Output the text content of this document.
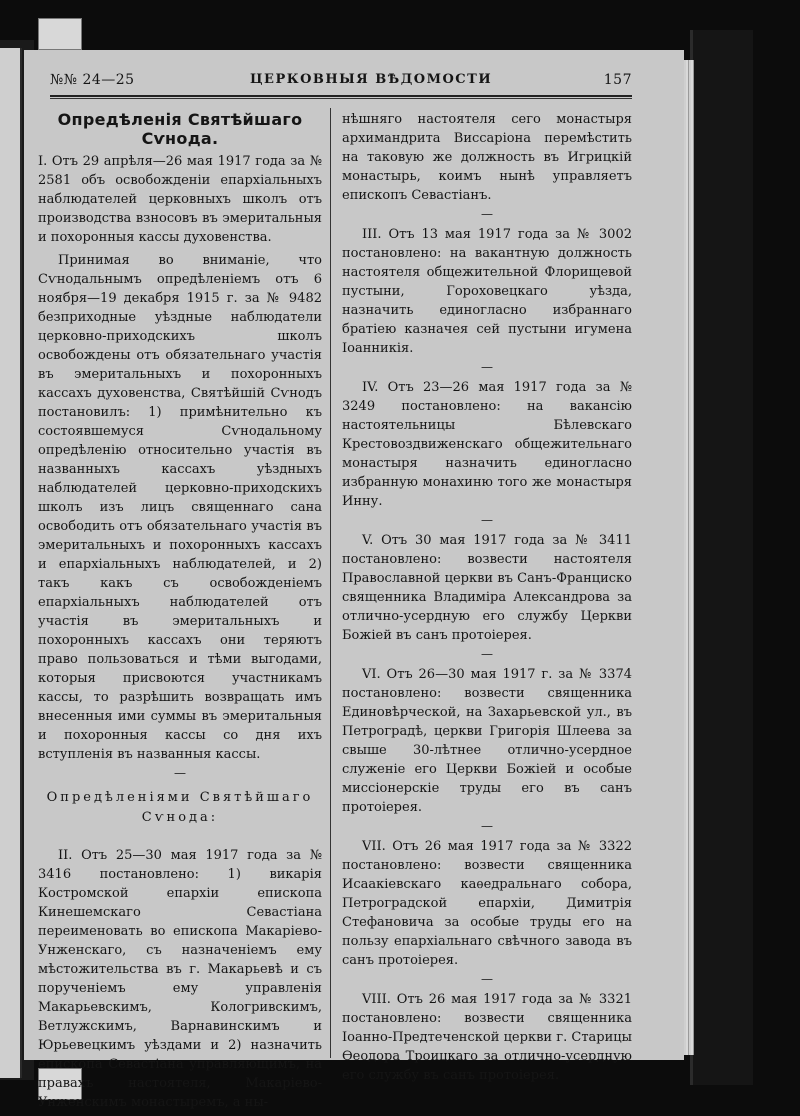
№№ 24—25	ЦЕРКОВНЫЯ ВѢДОМОСТИ	157
Опредѣленія Святѣйшаго Сѵнода.

I. Отъ 29 апрѣля—26 мая 1917 года за № 2581 объ освобожденіи епархіальныхъ наблюдателей церковныхъ школъ отъ производства взносовъ въ эмеритальныя и похоронныя кассы духовенства.

Принимая во вниманіе, что Сѵнодальнымъ опредѣленіемъ отъ 6 ноября—19 декабря 1915 г. за № 9482 безприходные уѣздные наблюдатели церковно-приходскихъ школъ освобождены отъ обязательнаго участія въ эмеритальныхъ и похоронныхъ кассахъ духовенства, Святѣйшій Сѵнодъ постановилъ: 1) примѣнительно къ состоявшемуся Сѵнодальному опредѣленію относительно участія въ названныхъ кассахъ уѣздныхъ наблюдателей церковно-приходскихъ школъ изъ лицъ священнаго сана освободить отъ обязательнаго участія въ эмеритальныхъ и похоронныхъ кассахъ и епархіальныхъ наблюдателей, и 2) такъ какъ съ освобожденіемъ епархіальныхъ наблюдателей отъ участія въ эмеритальныхъ и похоронныхъ кассахъ они теряютъ право пользоваться и тѣми выгодами, которыя присвоются участникамъ кассы, то разрѣшить возвращать имъ внесенныя ими суммы въ эмеритальныя и похоронныя кассы со дня ихъ вступленія въ названныя кассы.

—
Опредѣленіями Святѣйшаго Сѵнода:

II. Отъ 25—30 мая 1917 года за № 3416 постановлено: 1) викарія Костромской епархіи епископа Кинешемскаго Севастіана переименовать во епископа Макаріево-Унженскаго, съ назначеніемъ ему мѣстожительства въ г. Макарьевѣ и съ порученіемъ ему управленія Макарьевскимъ, Кологривскимъ, Ветлужскимъ, Варнавинскимъ и Юрьевецкимъ уѣздами и 2) назначить епископа Севастіана управляющимъ, на правахъ настоятеля, Макаріево-Унженскимъ монастыремъ, а ны-

нѣшняго настоятеля сего монастыря архимандрита Виссаріона перемѣстить на таковую же должность въ Игрицкій монастырь, коимъ нынѣ управляетъ епископъ Севастіанъ.

—

III. Отъ 13 мая 1917 года за № 3002 постановлено: на вакантную должность настоятеля общежительной Флорищевой пустыни, Гороховецкаго уѣзда, назначить единогласно избраннаго братіею казначея сей пустыни игумена Іоанникія.

—

IV. Отъ 23—26 мая 1917 года за № 3249 постановлено: на вакансію настоятельницы Бѣлевскаго Крестовоздвиженскаго общежительнаго монастыря назначить единогласно избранную монахиню того же монастыря Инну.

—

V. Отъ 30 мая 1917 года за № 3411 постановлено: возвести настоятеля Православной церкви въ Санъ-Франциско священника Владиміра Александрова за отлично-усердную его службу Церкви Божіей въ санъ протоіерея.

—

VI. Отъ 26—30 мая 1917 г. за № 3374 постановлено: возвести священника Единовѣрческой, на Захарьевской ул., въ Петроградѣ, церкви Григорія Шлеева за свыше 30-лѣтнее отлично-усердное служеніе его Церкви Божіей и особые миссіонерскіе труды его въ санъ протоіерея.

—

VII. Отъ 26 мая 1917 года за № 3322 постановлено: возвести священника Исаакіевскаго каѳедральнаго собора, Петроградской епархіи, Димитрія Стефановича за особые труды его на пользу епархіальнаго свѣчного завода въ санъ протоіерея.

—

VIII. Отъ 26 мая 1917 года за № 3321 постановлено: возвести священника Іоанно-Предтеченской церкви г. Старицы Ѳеодора Троицкаго за отлично-усердную его службу въ санъ протоіерея.
